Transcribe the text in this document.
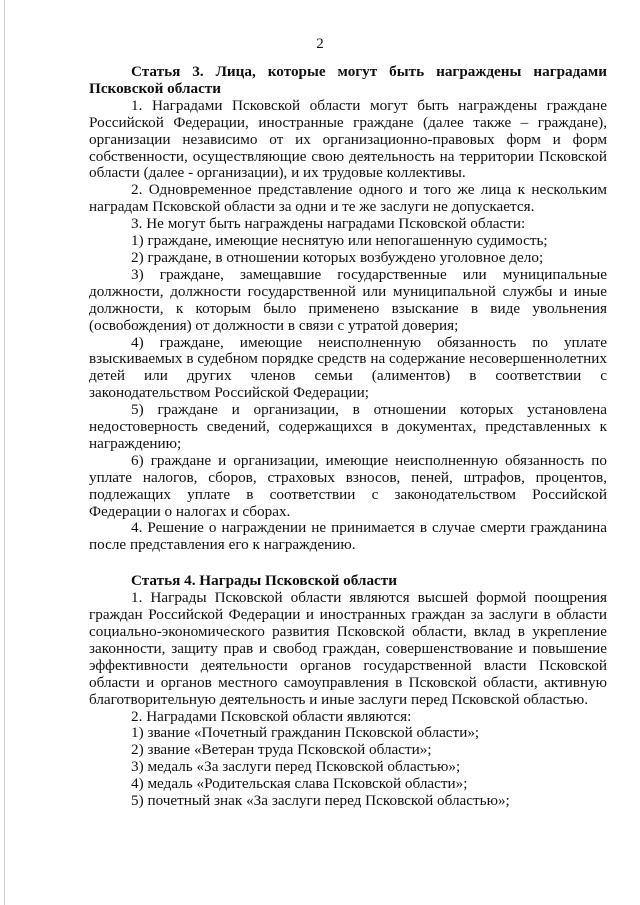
2

Статья 3. Лица, которые могут быть награждены наградами Псковской области

1. Наградами Псковской области могут быть награждены граждане Российской Федерации, иностранные граждане (далее также – граждане), организации независимо от их организационно-правовых форм и форм собственности, осуществляющие свою деятельность на территории Псковской области (далее - организации), и их трудовые коллективы.

2. Одновременное представление одного и того же лица к нескольким наградам Псковской области за одни и те же заслуги не допускается.

3. Не могут быть награждены наградами Псковской области:

1) граждане, имеющие неснятую или непогашенную судимость;

2) граждане, в отношении которых возбуждено уголовное дело;

3) граждане, замещавшие государственные или муниципальные должности, должности государственной или муниципальной службы и иные должности, к которым было применено взыскание в виде увольнения (освобождения) от должности в связи с утратой доверия;

4) граждане, имеющие неисполненную обязанность по уплате взыскиваемых в судебном порядке средств на содержание несовершеннолетних детей или других членов семьи (алиментов) в соответствии с законодательством Российской Федерации;

5) граждане и организации, в отношении которых установлена недостоверность сведений, содержащихся в документах, представленных к награждению;

6) граждане и организации, имеющие неисполненную обязанность по уплате налогов, сборов, страховых взносов, пеней, штрафов, процентов, подлежащих уплате в соответствии с законодательством Российской Федерации о налогах и сборах.

4. Решение о награждении не принимается в случае смерти гражданина после представления его к награждению.

Статья 4. Награды Псковской области

1. Награды Псковской области являются высшей формой поощрения граждан Российской Федерации и иностранных граждан за заслуги в области социально-экономического развития Псковской области, вклад в укрепление законности, защиту прав и свобод граждан, совершенствование и повышение эффективности деятельности органов государственной власти Псковской области и органов местного самоуправления в Псковской области, активную благотворительную деятельность и иные заслуги перед Псковской областью.

2. Наградами Псковской области являются:

1) звание «Почетный гражданин Псковской области»;

2) звание «Ветеран труда Псковской области»;

3) медаль «За заслуги перед Псковской областью»;

4) медаль «Родительская слава Псковской области»;

5) почетный знак «За заслуги перед Псковской областью»;
